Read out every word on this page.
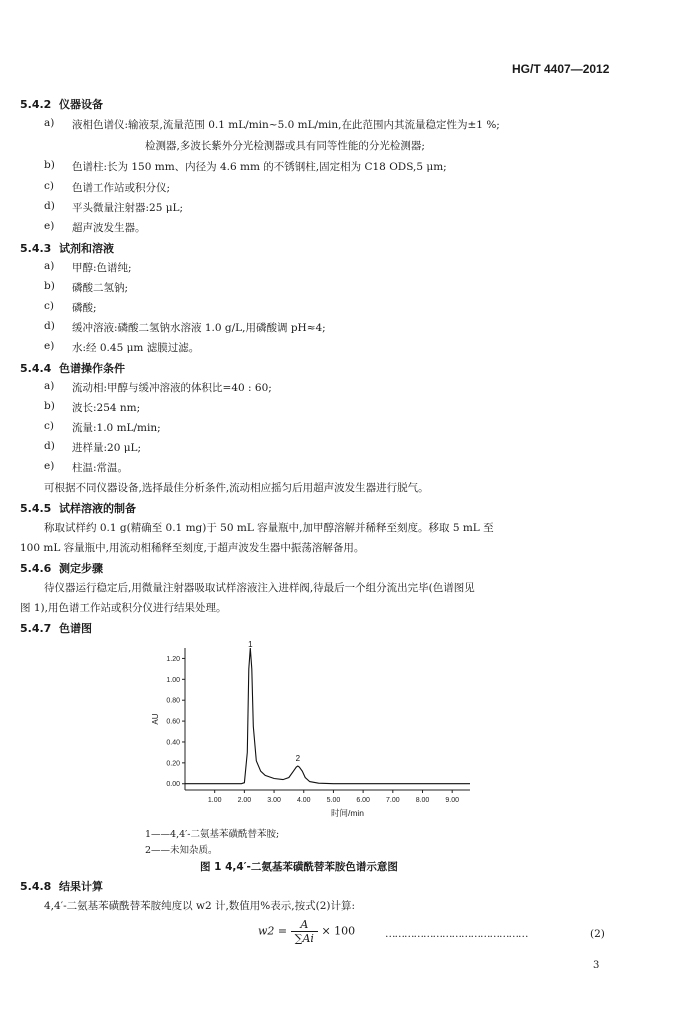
HG/T 4407—2012
5.4.2 仪器设备
a) 液相色谱仪:输液泵,流量范围 0.1 mL/min~5.0 mL/min,在此范围内其流量稳定性为±1 %;
检测器,多波长紫外分光检测器或具有同等性能的分光检测器;
b) 色谱柱:长为 150 mm、内径为 4.6 mm 的不锈钢柱,固定相为 C18 ODS,5 μm;
c) 色谱工作站或积分仪;
d) 平头微量注射器:25 μL;
e) 超声波发生器。
5.4.3 试剂和溶液
a) 甲醇:色谱纯;
b) 磷酸二氢钠;
c) 磷酸;
d) 缓冲溶液:磷酸二氢钠水溶液 1.0 g/L,用磷酸调 pH≈4;
e) 水:经 0.45 μm 滤膜过滤。
5.4.4 色谱操作条件
a) 流动相:甲醇与缓冲溶液的体积比=40 : 60;
b) 波长:254 nm;
c) 流量:1.0 mL/min;
d) 进样量:20 μL;
e) 柱温:常温。
可根据不同仪器设备,选择最佳分析条件,流动相应摇匀后用超声波发生器进行脱气。
5.4.5 试样溶液的制备
称取试样约 0.1 g(精确至 0.1 mg)于 50 mL 容量瓶中,加甲醇溶解并稀释至刻度。移取 5 mL 至
100 mL 容量瓶中,用流动相稀释至刻度,于超声波发生器中振荡溶解备用。
5.4.6 测定步骤
待仪器运行稳定后,用微量注射器吸取试样溶液注入进样阀,待最后一个组分流出完毕(色谱图见
图 1),用色谱工作站或积分仪进行结果处理。
5.4.7 色谱图
0.00
0.20
0.40
0.60
0.80
1.00
1.20
1.00 2.00 3.00 4.00 5.00 6.00 7.00 8.00 9.00
AU
时间/min
1
2
1——4,4′-二氨基苯磺酰替苯胺;
2——未知杂质。
图 1 4,4′-二氨基苯磺酰替苯胺色谱示意图
5.4.8 结果计算
4,4′-二氨基苯磺酰替苯胺纯度以 w2 计,数值用%表示,按式(2)计算:
$w2 = \frac{A}{\sum Ai} \times 100$	………………………………………	(2)
3
